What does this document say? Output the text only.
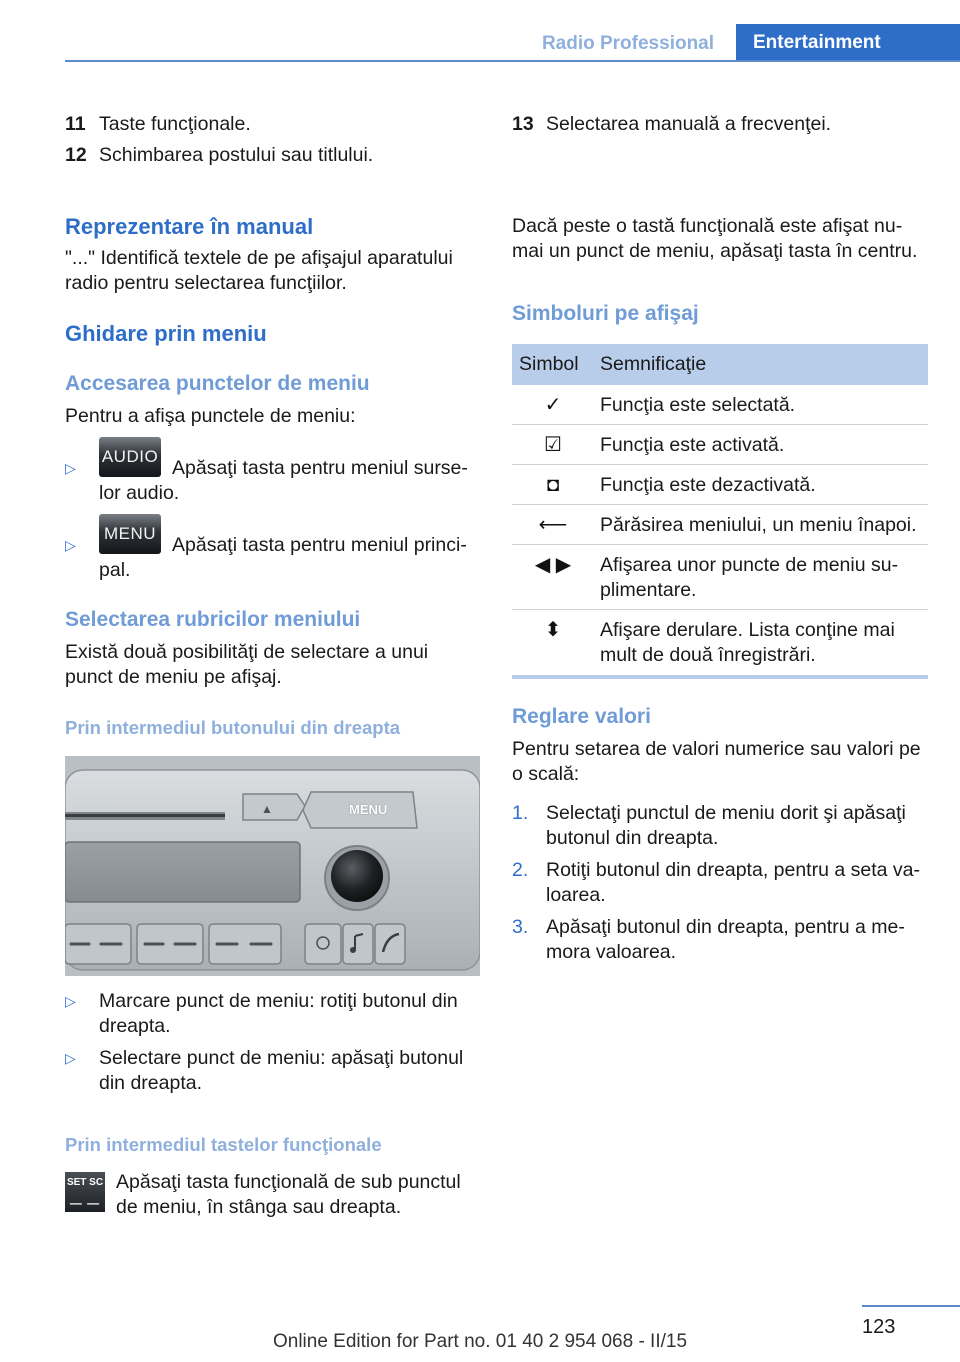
Radio Professional	Entertainment
11 Taste funcţionale.
12 Schimbarea postului sau titlului.
Reprezentare în manual
"..." Identifică textele de pe afişajul aparatului
radio pentru selectarea funcţiilor.
Ghidare prin meniu
Accesarea punctelor de meniu
Pentru a afişa punctele de meniu:
▷
AUDIO
Apăsaţi tasta pentru meniul surse‐
lor audio.
▷
MENU
Apăsaţi tasta pentru meniul princi‐
pal.
Selectarea rubricilor meniului
Există două posibilităţi de selectare a unui
punct de meniu pe afişaj.
Prin intermediul butonului din dreapta
▲	MENU
▷ Marcare punct de meniu: rotiţi butonul din
dreapta.
▷ Selectare punct de meniu: apăsaţi butonul
din dreapta.
Prin intermediul tastelor funcţionale
SET SC
— —
Apăsaţi tasta funcţională de sub punctul
de meniu, în stânga sau dreapta.
13 Selectarea manuală a frecvenţei.
Dacă peste o tastă funcţională este afişat nu‐
mai un punct de meniu, apăsaţi tasta în centru.
Simboluri pe afişaj
Simbol Semnificaţie
✓	Funcţia este selectată.
☑	Funcţia este activată.
◘	Funcţia este dezactivată.
⟵	Părăsirea meniului, un meniu înapoi.
◀ ▶	Afişarea unor puncte de meniu su‐
plimentare.
⬍	Afişare derulare. Lista conţine mai
mult de două înregistrări.
Reglare valori
Pentru setarea de valori numerice sau valori pe
o scală:
1. Selectaţi punctul de meniu dorit şi apăsaţi
butonul din dreapta.
2. Rotiţi butonul din dreapta, pentru a seta va‐
loarea.
3. Apăsaţi butonul din dreapta, pentru a me‐
mora valoarea.
123
Online Edition for Part no. 01 40 2 954 068 - II/15
